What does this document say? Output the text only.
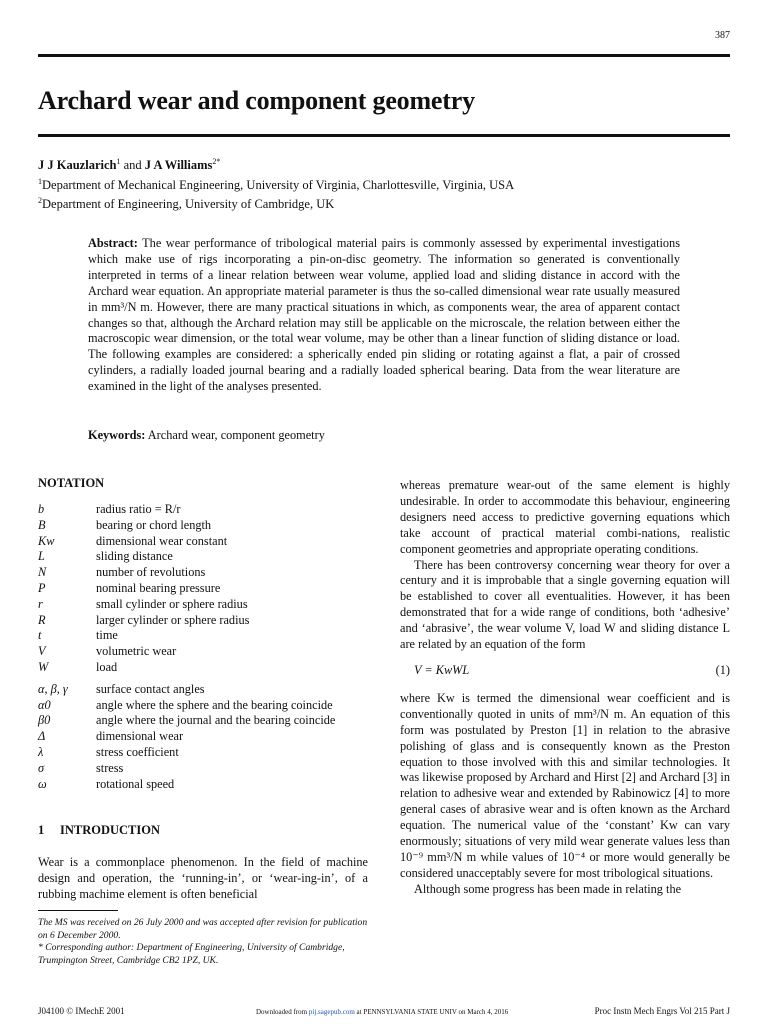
387
Archard wear and component geometry
J J Kauzlarich$^1$ and J A Williams$^{2*}$
$^1$Department of Mechanical Engineering, University of Virginia, Charlottesville, Virginia, USA
$^2$Department of Engineering, University of Cambridge, UK
Abstract: The wear performance of tribological material pairs is commonly assessed by experimental investigations which make use of rigs incorporating a pin-on-disc geometry. The information so generated is conventionally interpreted in terms of a linear relation between wear volume, applied load and sliding distance in accord with the Archard wear equation. An appropriate material parameter is thus the so-called dimensional wear rate usually measured in mm³/N m. However, there are many practical situations in which, as components wear, the area of apparent contact changes so that, although the Archard relation may still be applicable on the microscale, the relation between either the macroscopic wear dimension, or the total wear volume, may be other than a linear function of sliding distance or load. The following examples are considered: a spherically ended pin sliding or rotating against a flat, a pair of crossed cylinders, a radially loaded journal bearing and a radially loaded spherical bearing. Data from the wear literature are examined in the light of the analyses presented.
Keywords: Archard wear, component geometry
NOTATION
b	radius ratio = R/r
B	bearing or chord length
Kw	dimensional wear constant
L	sliding distance
N	number of revolutions
P	nominal bearing pressure
r	small cylinder or sphere radius
R	larger cylinder or sphere radius
t	time
V	volumetric wear
W	load
α, β, γ	surface contact angles
α0	angle where the sphere and the bearing coincide
β0	angle where the journal and the bearing coincide
Δ	dimensional wear
λ	stress coefficient
σ	stress
ω	rotational speed
1 INTRODUCTION
Wear is a commonplace phenomenon. In the field of machine design and operation, the ‘running-in’, or ‘wear-ing-in’, of a rubbing machime element is often beneficial
The MS was received on 26 July 2000 and was accepted after revision for publication on 6 December 2000.
* Corresponding author: Department of Engineering, University of Cambridge, Trumpington Street, Cambridge CB2 1PZ, UK.

whereas premature wear-out of the same element is highly undesirable. In order to accommodate this behaviour, engineering designers need access to predictive governing equations which take account of practical material combi-nations, realistic component geometries and appropriate operating conditions.

There has been controversy concerning wear theory for over a century and it is improbable that a single governing equation will be established to cover all eventualities. However, it has been demonstrated that for a wide range of conditions, both ‘adhesive’ and ‘abrasive’, the wear volume V, load W and sliding distance L are related by an equation of the form

V = KwWL	(1)

where Kw is termed the dimensional wear coefficient and is conventionally quoted in units of mm³/N m. An equation of this form was postulated by Preston [1] in relation to the abrasive polishing of glass and is consequently known as the Preston equation to those involved with this and similar technologies. It was likewise proposed by Archard and Hirst [2] and Archard [3] in relation to adhesive wear and extended by Rabinowicz [4] to more general cases of abrasive wear and is often known as the Archard equation. The numerical value of the ‘constant’ Kw can vary enormously; situations of very mild wear generate values less than 10⁻⁹ mm³/N m while values of 10⁻⁴ or more would generally be considered unacceptably severe for most tribological situations.

Although some progress has been made in relating the

J04100 © IMechE 2001	Downloaded from pij.sagepub.com at PENNSYLVANIA STATE UNIV on March 4, 2016	Proc Instn Mech Engrs Vol 215 Part J
